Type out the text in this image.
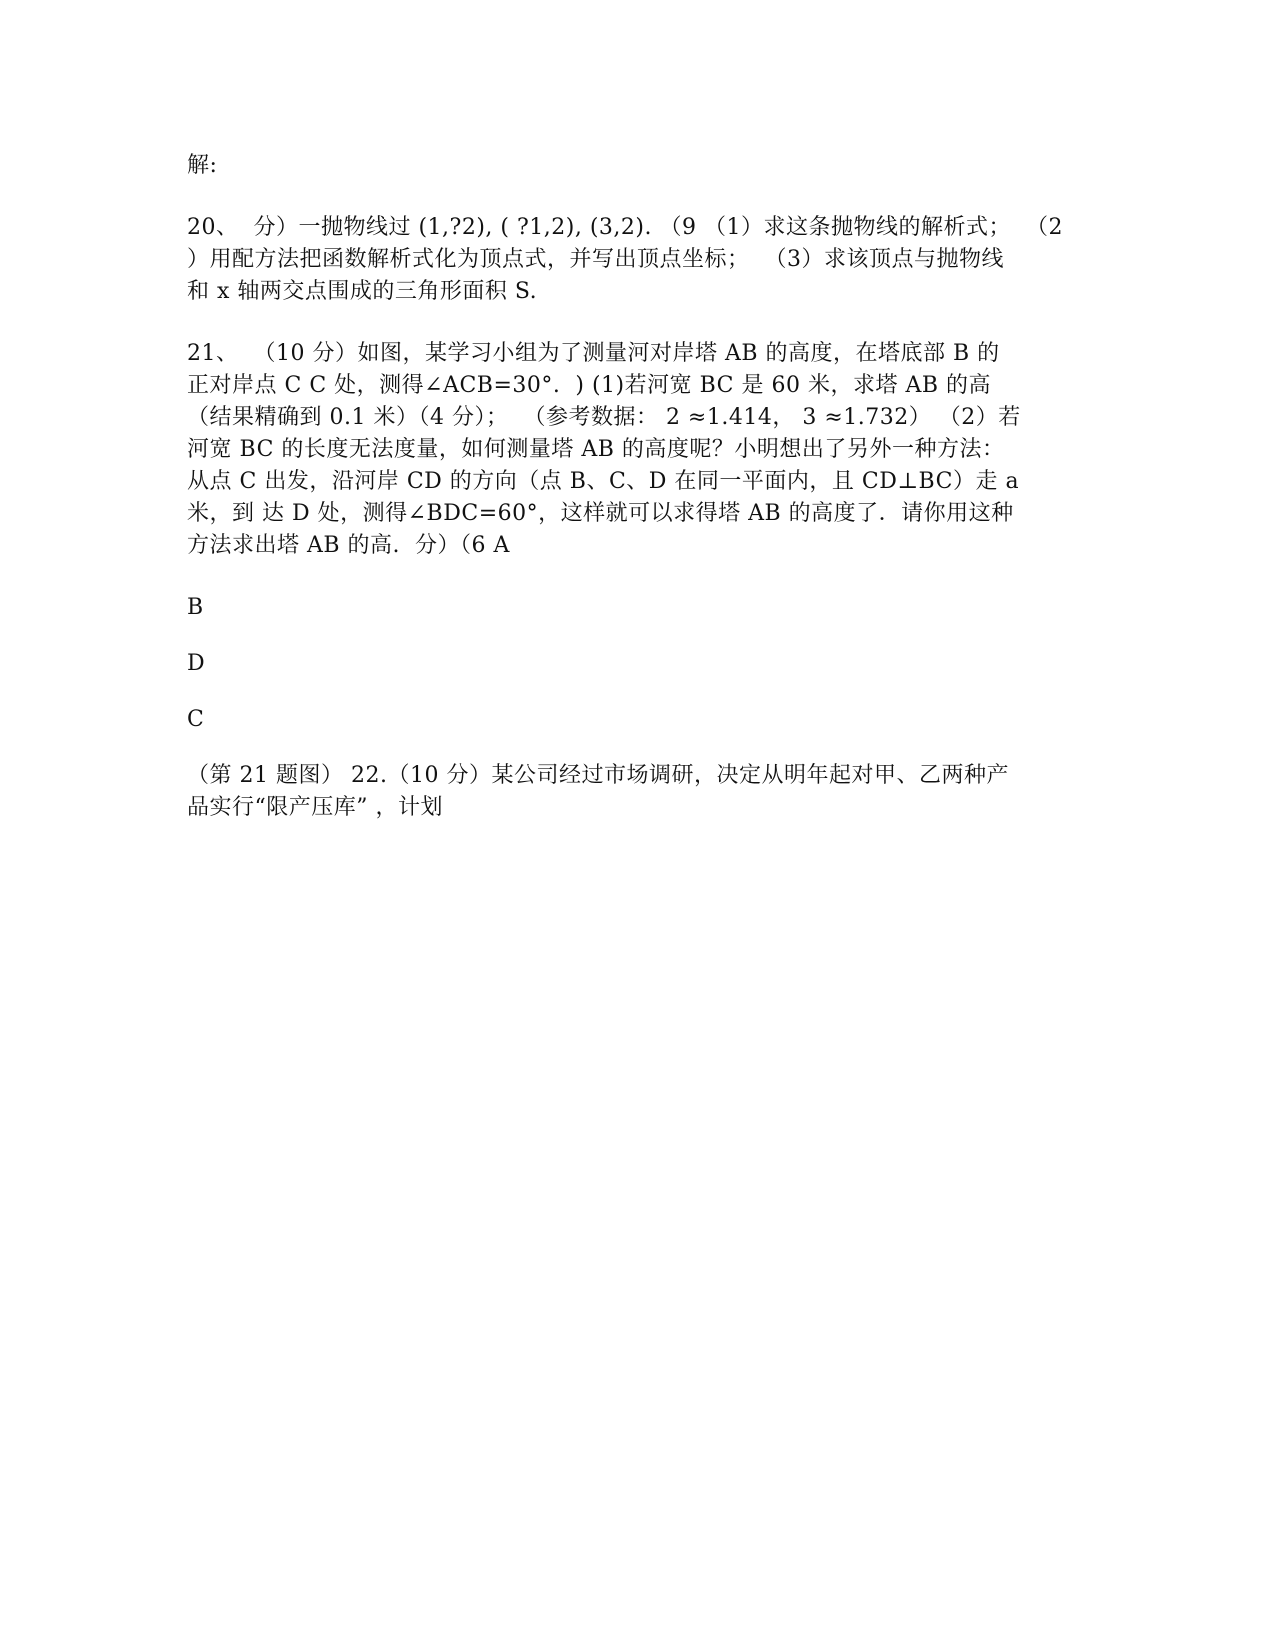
解:
20、  分）一抛物线过 (1,?2), ( ?1,2), (3,2). （9 （1）求这条抛物线的解析式；  （2
）用配方法把函数解析式化为顶点式，并写出顶点坐标；  （3）求该顶点与抛物线
和 x 轴两交点围成的三角形面积 S.
21、  （10 分）如图，某学习小组为了测量河对岸塔 AB 的高度，在塔底部 B 的
正对岸点 C C 处，测得∠ACB=30°.  ) (1)若河宽 BC 是 60 米，求塔 AB 的高
（结果精确到 0.1 米）（4 分）；  （参考数据： 2 ≈1.414， 3 ≈1.732） （2）若
河宽 BC 的长度无法度量，如何测量塔 AB 的高度呢？小明想出了另外一种方法：
从点 C 出发，沿河岸 CD 的方向（点 B、C、D 在同一平面内，且 CD⊥BC）走 a
米，到 达 D 处，测得∠BDC=60°，这样就可以求得塔 AB 的高度了．请你用这种
方法求出塔 AB 的高.  分）（6 A
B
D
C
（第 21 题图） 22.（10 分）某公司经过市场调研，决定从明年起对甲、乙两种产
品实行“限产压库” ，计划
